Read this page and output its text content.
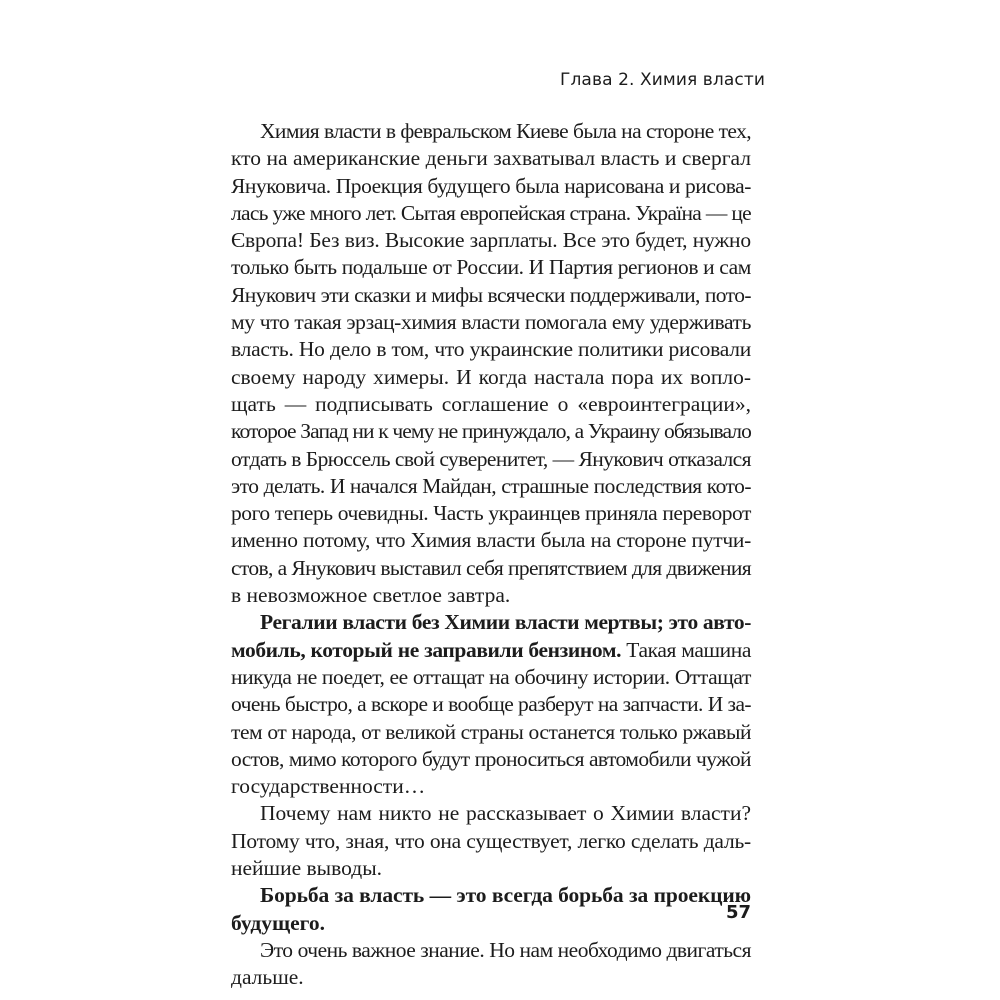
Глава 2. Химия власти
Химия власти в февральском Киеве была на стороне тех,
кто на американские деньги захватывал власть и свергал
Януковича. Проекция будущего была нарисована и рисова-
лась уже много лет. Сытая европейская страна. Україна — це
Європа! Без виз. Высокие зарплаты. Все это будет, нужно
только быть подальше от России. И Партия регионов и сам
Янукович эти сказки и мифы всячески поддерживали, пото-
му что такая эрзац-химия власти помогала ему удерживать
власть. Но дело в том, что украинские политики рисовали
своему народу химеры. И когда настала пора их вопло-
щать — подписывать соглашение о «евроинтеграции»,
которое Запад ни к чему не принуждало, а Украину обязывало
отдать в Брюссель свой суверенитет, — Янукович отказался
это делать. И начался Майдан, страшные последствия кото-
рого теперь очевидны. Часть украинцев приняла переворот
именно потому, что Химия власти была на стороне путчи-
стов, а Янукович выставил себя препятствием для движения
в невозможное светлое завтра.
Регалии власти без Химии власти мертвы; это авто-
мобиль, который не заправили бензином. Такая машина
никуда не поедет, ее оттащат на обочину истории. Оттащат
очень быстро, а вскоре и вообще разберут на запчасти. И за-
тем от народа, от великой страны останется только ржавый
остов, мимо которого будут проноситься автомобили чужой
государственности…
Почему нам никто не рассказывает о Химии власти?
Потому что, зная, что она существует, легко сделать даль-
нейшие выводы.
Борьба за власть — это всегда борьба за проекцию
будущего.
Это очень важное знание. Но нам необходимо двигаться
дальше.
57
